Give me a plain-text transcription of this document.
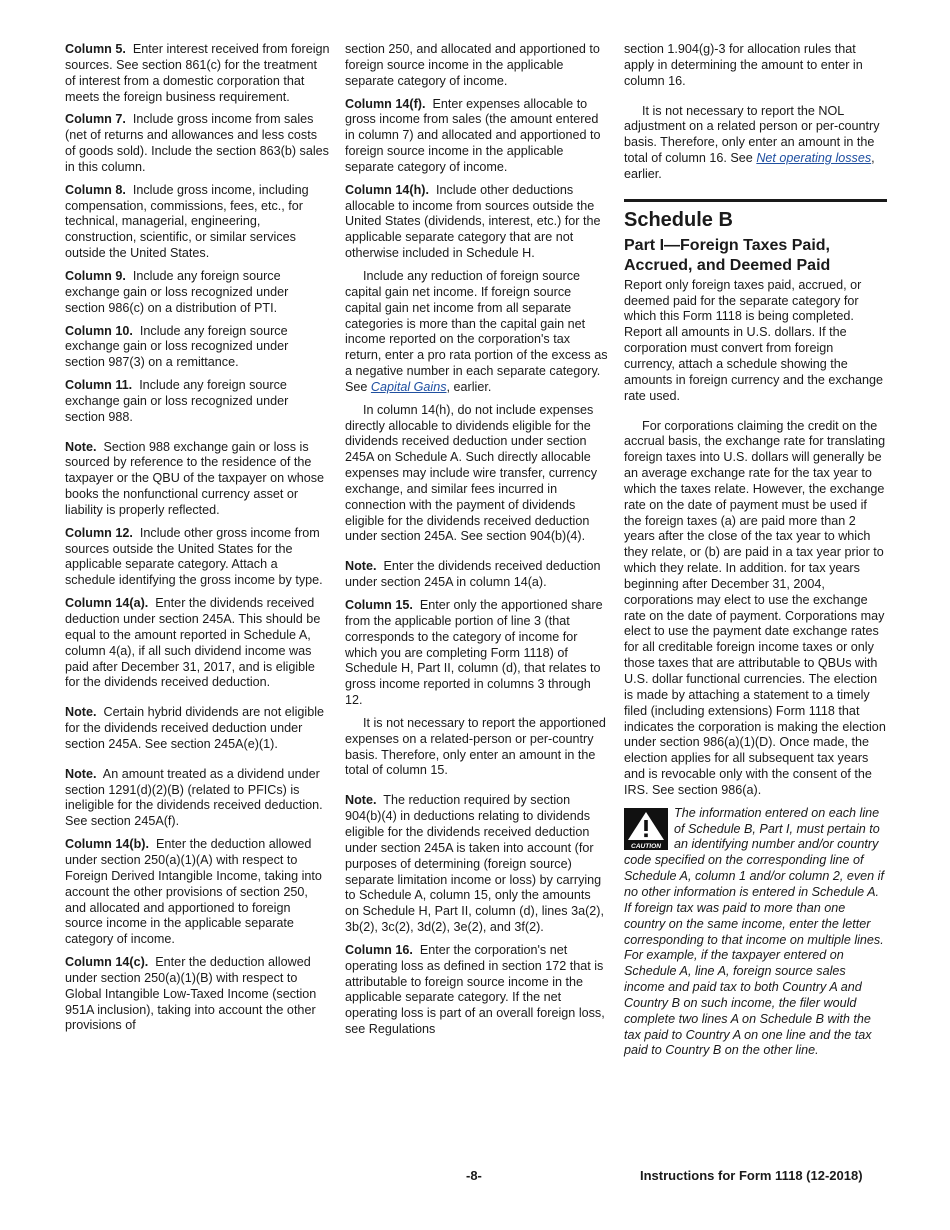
Column 5. Enter interest received from foreign sources. See section 861(c) for the treatment of interest from a domestic corporation that meets the foreign business requirement.

Column 7. Include gross income from sales (net of returns and allowances and less costs of goods sold). Include the section 863(b) sales in this column.

Column 8. Include gross income, including compensation, commissions, fees, etc., for technical, managerial, engineering, construction, scientific, or similar services outside the United States.

Column 9. Include any foreign source exchange gain or loss recognized under section 986(c) on a distribution of PTI.

Column 10. Include any foreign source exchange gain or loss recognized under section 987(3) on a remittance.

Column 11. Include any foreign source exchange gain or loss recognized under section 988.

Note. Section 988 exchange gain or loss is sourced by reference to the residence of the taxpayer or the QBU of the taxpayer on whose books the nonfunctional currency asset or liability is properly reflected.

Column 12. Include other gross income from sources outside the United States for the applicable separate category. Attach a schedule identifying the gross income by type.

Column 14(a). Enter the dividends received deduction under section 245A. This should be equal to the amount reported in Schedule A, column 4(a), if all such dividend income was paid after December 31, 2017, and is eligible for the dividends received deduction.

Note. Certain hybrid dividends are not eligible for the dividends received deduction under section 245A. See section 245A(e)(1).

Note. An amount treated as a dividend under section 1291(d)(2)(B) (related to PFICs) is ineligible for the dividends received deduction. See section 245A(f).

Column 14(b). Enter the deduction allowed under section 250(a)(1)(A) with respect to Foreign Derived Intangible Income, taking into account the other provisions of section 250, and allocated and apportioned to foreign source income in the applicable separate category of income.

Column 14(c). Enter the deduction allowed under section 250(a)(1)(B) with respect to Global Intangible Low-Taxed Income (section 951A inclusion), taking into account the other provisions of

section 250, and allocated and apportioned to foreign source income in the applicable separate category of income.

Column 14(f). Enter expenses allocable to gross income from sales (the amount entered in column 7) and allocated and apportioned to foreign source income in the applicable separate category of income.

Column 14(h). Include other deductions allocable to income from sources outside the United States (dividends, interest, etc.) for the applicable separate category that are not otherwise included in Schedule H.

Include any reduction of foreign source capital gain net income. If foreign source capital gain net income from all separate categories is more than the capital gain net income reported on the corporation's tax return, enter a pro rata portion of the excess as a negative number in each separate category. See Capital Gains, earlier.

In column 14(h), do not include expenses directly allocable to dividends eligible for the dividends received deduction under section 245A on Schedule A. Such directly allocable expenses may include wire transfer, currency exchange, and similar fees incurred in connection with the payment of dividends eligible for the dividends received deduction under section 245A. See section 904(b)(4).

Note. Enter the dividends received deduction under section 245A in column 14(a).

Column 15. Enter only the apportioned share from the applicable portion of line 3 (that corresponds to the category of income for which you are completing Form 1118) of Schedule H, Part II, column (d), that relates to gross income reported in columns 3 through 12.

It is not necessary to report the apportioned expenses on a related-person or per-country basis. Therefore, only enter an amount in the total of column 15.

Note. The reduction required by section 904(b)(4) in deductions relating to dividends eligible for the dividends received deduction under section 245A is taken into account (for purposes of determining (foreign source) separate limitation income or loss) by carrying to Schedule A, column 15, only the amounts on Schedule H, Part II, column (d), lines 3a(2), 3b(2), 3c(2), 3d(2), 3e(2), and 3f(2).

Column 16. Enter the corporation's net operating loss as defined in section 172 that is attributable to foreign source income in the applicable separate category. If the net operating loss is part of an overall foreign loss, see Regulations

section 1.904(g)-3 for allocation rules that apply in determining the amount to enter in column 16.

It is not necessary to report the NOL adjustment on a related person or per-country basis. Therefore, only enter an amount in the total of column 16. See Net operating losses, earlier.

Schedule B
Part I—Foreign Taxes Paid, Accrued, and Deemed Paid

Report only foreign taxes paid, accrued, or deemed paid for the separate category for which this Form 1118 is being completed. Report all amounts in U.S. dollars. If the corporation must convert from foreign currency, attach a schedule showing the amounts in foreign currency and the exchange rate used.

For corporations claiming the credit on the accrual basis, the exchange rate for translating foreign taxes into U.S. dollars will generally be an average exchange rate for the tax year to which the taxes relate. However, the exchange rate on the date of payment must be used if the foreign taxes (a) are paid more than 2 years after the close of the tax year to which they relate, or (b) are paid in a tax year prior to which they relate. In addition. for tax years beginning after December 31, 2004, corporations may elect to use the exchange rate on the date of payment. Corporations may elect to use the payment date exchange rates for all creditable foreign income taxes or only those taxes that are attributable to QBUs with U.S. dollar functional currencies. The election is made by attaching a statement to a timely filed (including extensions) Form 1118 that indicates the corporation is making the election under section 986(a)(1)(D). Once made, the election applies for all subsequent tax years and is revocable only with the consent of the IRS. See section 986(a).

CAUTION
The information entered on each line of Schedule B, Part I, must pertain to an identifying number and/or country code specified on the corresponding line of Schedule A, column 1 and/or column 2, even if no other information is entered in Schedule A. If foreign tax was paid to more than one country on the same income, enter the letter corresponding to that income on multiple lines. For example, if the taxpayer entered on Schedule A, line A, foreign source sales income and paid tax to both Country A and Country B on such income, the filer would complete two lines A on Schedule B with the tax paid to Country A on one line and the tax paid to Country B on the other line.
-8-	Instructions for Form 1118 (12-2018)
